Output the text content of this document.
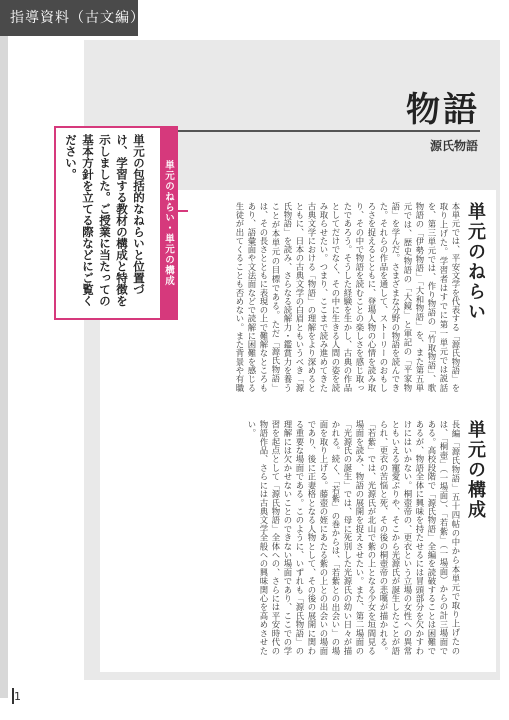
指導資料（古文編）
物語
源氏物語
単元のねらい
本単元では、平安文学を代表する「源氏物語」を取り上げた。学習者はすでに第一単元では説話を、第三単元では、作り物語の「竹取物語」、歌物語の「伊勢物語」「大和物語」を、また第五単元では、歴史物語の「大鏡」と軍記の「平家物語」を学んだ。さまざまな分野の物語を読んできた。それらの作品を通して、ストーリーのおもしろさを捉えるとともに、登場人物の心情を読み取り、その中で物語を読むことの楽しさを感じ取ったであろう。そうした経験を生かし、古典の作品としてだけでなく、その中に生きる人間の姿を読み取らせたい。つまり、ここまで読み進めてきた古典文学における「物語」の理解をより深めるとともに、日本の古典文学の白眉ともいうべき「源氏物語」を読み、さらなる読解力・鑑賞力を養うことが本単元の目標である。ただ「源氏物語」は、その長さとともに表現の上で難解なところもあり、語彙面や文法面などで読解に困難を感じる生徒が出てくることも否めない。また背景や有職
単元の構成
長編「源氏物語」五十四帖の中から本単元で取り上げたのは、「桐壺」（一場面）、「若紫」（一場面）からの計三場面である。高校段階で「源氏物語」全編を読破することは困難であるが、物語全体に興味を持たせるには冒頭部分を欠かすわけにはいかない。桐壺帝の、更衣という立場の女性への異常ともいえる寵愛ぶりや、そこから光源氏が誕生したことが語られ、更衣の苦悩と死、その後の桐壺帝の悲嘆が描かれる。「若紫」では、光源氏が北山で紫の上となる少女を垣間見る場面を読み、物語の展開を捉えさせたい。また、第二場面の「光源氏の誕生」では、母に死別した光源氏の幼い日々が描かれる。続く、「若紫」の巻からは、「若紫との出会い」の場面を取り上げる。藤壺の姪にあたる紫の上との出会いの場面であり、後に正妻格となる人物として、その後の展開に関わる重要な場面である。このように、いずれも「源氏物語」の理解には欠かせないことのできない場面であり、ここでの学習を起点として「源氏物語」全体への、さらには平安時代の物語作品、さらには古典文学全般への興味関心を高めさせたい。
単元のねらい・単元の構成
単元の包括的なねらいと位置づけ、学習する教材の構成と特徴を示しました。ご授業に当たっての基本方針を立てる際などにご覧ください。
1
